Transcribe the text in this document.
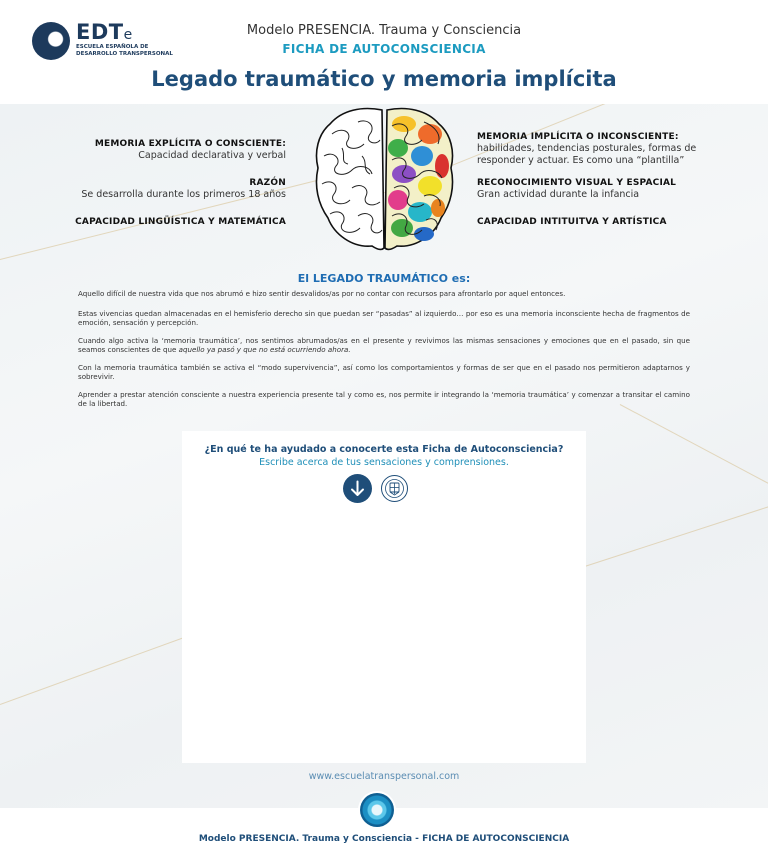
EDTe
ESCUELA ESPAÑOLA DE
DESARROLLO TRANSPERSONAL
Modelo PRESENCIA. Trauma y Consciencia
FICHA DE AUTOCONSCIENCIA
Legado traumático y memoria implícita
MEMORIA EXPLÍCITA O CONSCIENTE:
Capacidad declarativa y verbal
RAZÓN
Se desarrolla durante los primeros 18 años
CAPACIDAD LINGÜÍSTICA Y MATEMÁTICA
MEMORIA IMPLÍCITA O INCONSCIENTE:
habilidades, tendencias posturales, formas de responder y actuar. Es como una “plantilla”
RECONOCIMIENTO VISUAL Y ESPACIAL
Gran actividad durante la infancia
CAPACIDAD INTITUITVA Y ARTÍSTICA
El LEGADO TRAUMÁTICO es:
Aquello difícil de nuestra vida que nos abrumó e hizo sentir desvalidos/as por no contar con recursos para afrontarlo por aquel entonces.
Estas vivencias quedan almacenadas en el hemisferio derecho sin que puedan ser “pasadas” al izquierdo… por eso es una memoria inconsciente hecha de fragmentos de emoción, sensación y percepción.
Cuando algo activa la ‘memoria traumática’, nos sentimos abrumados/as en el presente y revivimos las mismas sensaciones y emociones que en el pasado, sin que seamos conscientes de que aquello ya pasó y que no está ocurriendo ahora.
Con la memoria traumática también se activa el “modo supervivencia”, así como los comportamientos y formas de ser que en el pasado nos permitieron adaptarnos y sobrevivir.
Aprender a prestar atención consciente a nuestra experiencia presente tal y como es, nos permite ir integrando la ‘memoria traumática’ y comenzar a transitar el camino de la libertad.
¿En qué te ha ayudado a conocerte esta Ficha de Autoconsciencia?
Escribe acerca de tus sensaciones y comprensiones.
www.escuelatranspersonal.com
Modelo PRESENCIA. Trauma y Consciencia - FICHA DE AUTOCONSCIENCIA
